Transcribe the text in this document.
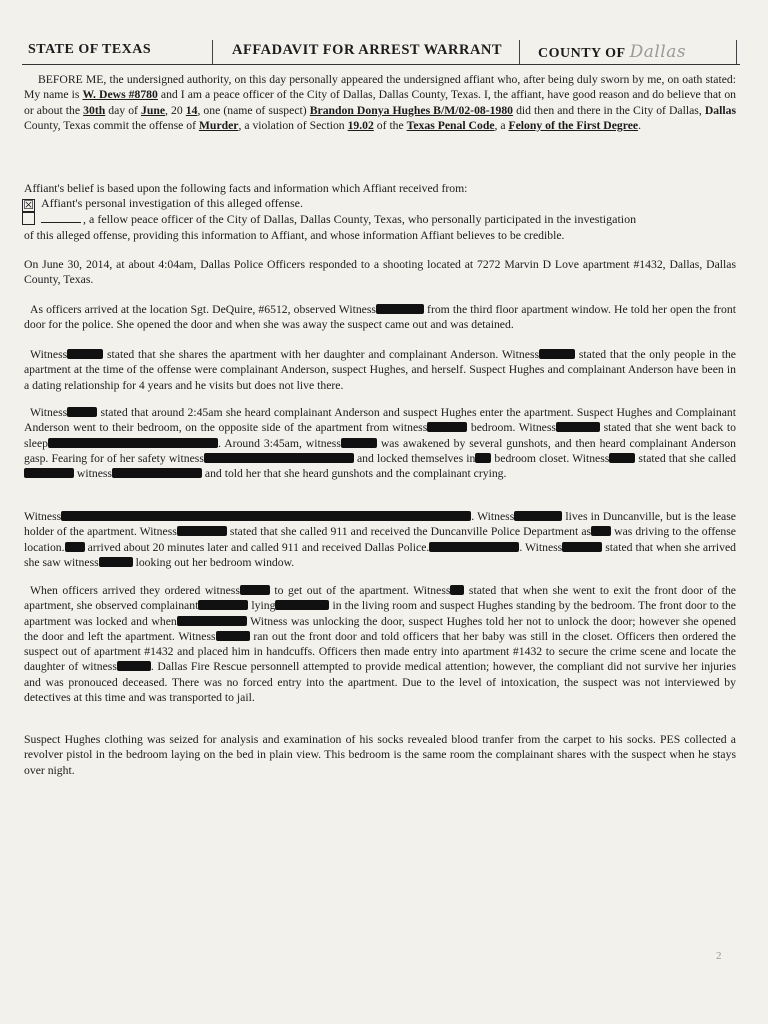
STATE OF TEXAS	AFFADAVIT FOR ARREST WARRANT	COUNTY OF Dallas

BEFORE ME, the undersigned authority, on this day personally appeared the undersigned affiant who, after being duly sworn by me, on oath stated: My name is W. Dews #8780 and I am a peace officer of the City of Dallas, Dallas County, Texas. I, the affiant, have good reason and do believe that on or about the 30th day of June, 20 14, one (name of suspect) Brandon Donya Hughes B/M/02-08-1980 did then and there in the City of Dallas, Dallas County, Texas commit the offense of Murder, a violation of Section 19.02 of the Texas Penal Code, a Felony of the First Degree.

Affiant's belief is based upon the following facts and information which Affiant received from:
☒ Affiant's personal investigation of this alleged offense.
, a fellow peace officer of the City of Dallas, Dallas County, Texas, who personally participated in the investigation
of this alleged offense, providing this information to Affiant, and whose information Affiant believes to be credible.
On June 30, 2014, at about 4:04am, Dallas Police Officers responded to a shooting located at 7272 Marvin D Love apartment #1432, Dallas, Dallas County, Texas.
As officers arrived at the location Sgt. DeQuire, #6512, observed Witness	from the third floor apartment window. He told her open the front door for the police. She opened the door and when she was away the suspect came out and was detained.
Witness	stated that she shares the apartment with her daughter and complainant Anderson. Witness	stated that the only people in the apartment at the time of the offense were complainant Anderson, suspect Hughes, and herself. Suspect Hughes and complainant Anderson have been in a dating relationship for 4 years and he visits but does not live there.
Witness	stated that around 2:45am she heard complainant Anderson and suspect Hughes enter the apartment. Suspect Hughes and Complainant Anderson went to their bedroom, on the opposite side of the apartment from witness	bedroom. Witness	stated that she went back to sleep	. Around 3:45am, witness	was awakened by several gunshots, and then heard complainant Anderson gasp. Fearing for of her safety witness	and locked themselves in bedroom closet. Witness stated that she called witness	and told her that she heard gunshots and the complainant crying.
Witness	. Witness	lives in Duncanville, but is the lease holder of the apartment. Witness	stated that she called 911 and received the Duncanville Police Department as was driving to the offense location. arrived about 20 minutes later and called 911 and received Dallas Police.	. Witness	stated that when she arrived she saw witness	looking out her bedroom window.
When officers arrived they ordered witness	to get out of the apartment. Witness stated that when she went to exit the front door of the apartment, she observed complainant	lying	in the living room and suspect Hughes standing by the bedroom. The front door to the apartment was locked and when	Witness was unlocking the door, suspect Hughes told her not to unlock the door; however she opened the door and left the apartment. Witness	ran out the front door and told officers that her baby was still in the closet. Officers then ordered the suspect out of apartment #1432 and placed him in handcuffs. Officers then made entry into apartment #1432 to secure the crime scene and locate the daughter of witness	. Dallas Fire Rescue personnell attempted to provide medical attention; however, the compliant did not survive her injuries and was pronouced deceased. There was no forced entry into the apartment. Due to the level of intoxication, the suspect was not interviewed by detectives at this time and was transported to jail.
Suspect Hughes clothing was seized for analysis and examination of his socks revealed blood tranfer from the carpet to his socks. PES collected a revolver pistol in the bedroom laying on the bed in plain view. This bedroom is the same room the complainant shares with the suspect when he stays over night.
2
